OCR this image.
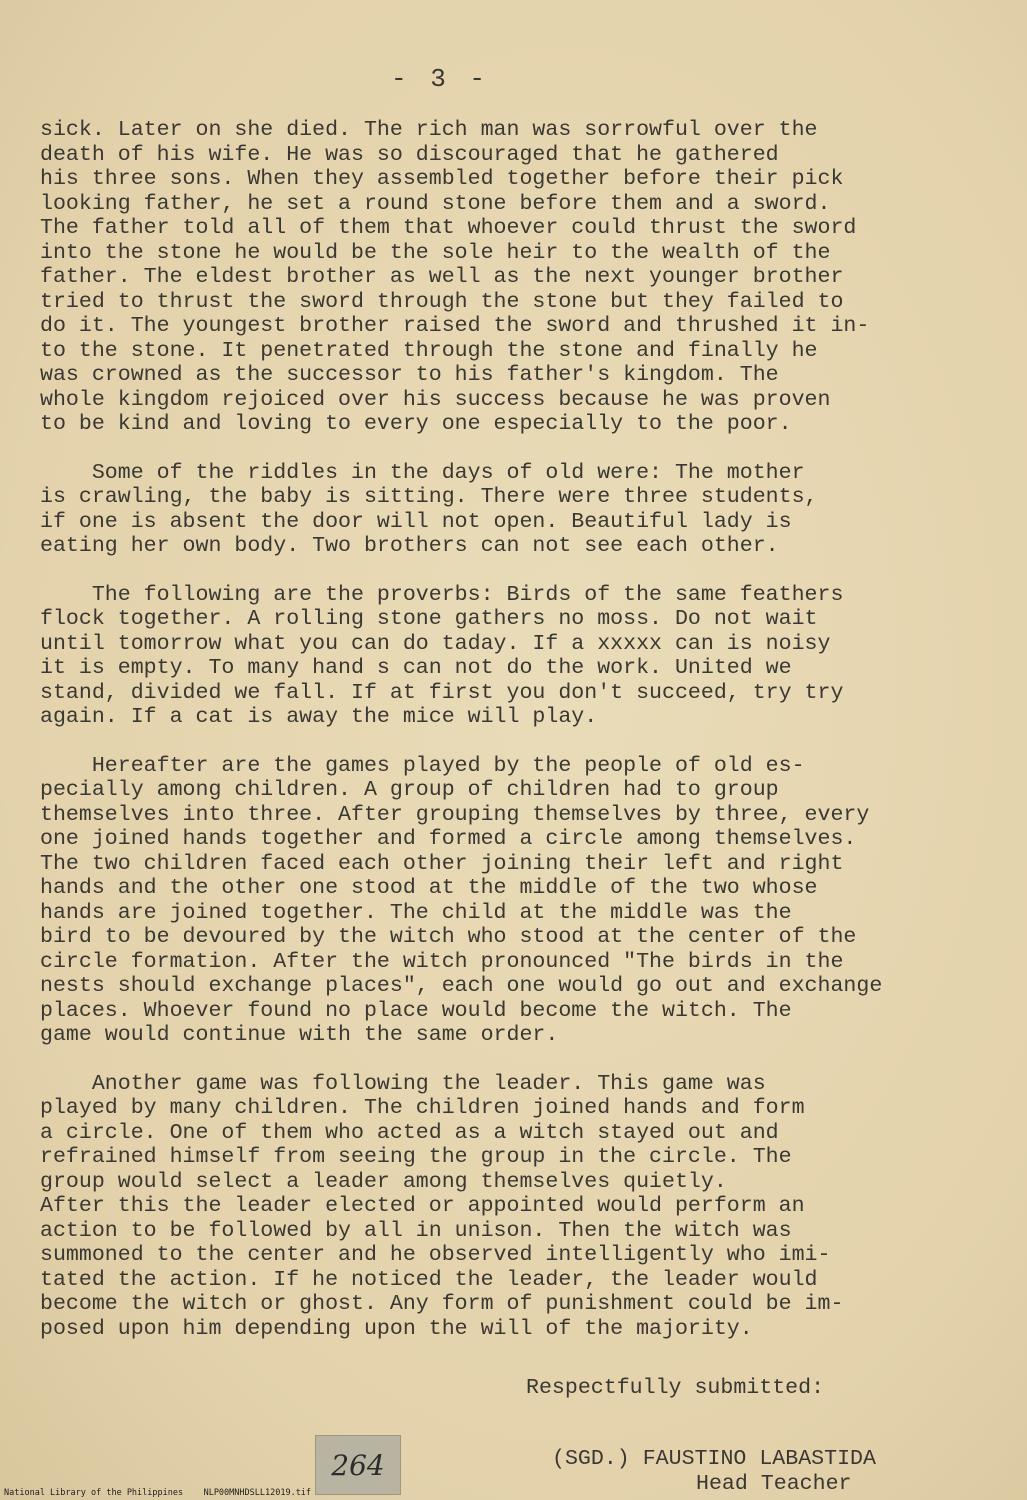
- 3 -
sick. Later on she died. The rich man was sorrowful over the
death of his wife. He was so discouraged that he gathered
his three sons. When they assembled together before their pick
looking father, he set a round stone before them and a sword.
The father told all of them that whoever could thrust the sword
into the stone he would be the sole heir to the wealth of the
father. The eldest brother as well as the next younger brother
tried to thrust the sword through the stone but they failed to
do it. The youngest brother raised the sword and thrushed it in-
to the stone. It penetrated through the stone and finally he
was crowned as the successor to his father's kingdom. The
whole kingdom rejoiced over his success because he was proven
to be kind and loving to every one especially to the poor.
Some of the riddles in the days of old were: The mother
is crawling, the baby is sitting. There were three students,
if one is absent the door will not open. Beautiful lady is
eating her own body. Two brothers can not see each other.
The following are the proverbs: Birds of the same feathers
flock together. A rolling stone gathers no moss. Do not wait
until tomorrow what you can do taday. If a xxxxx can is noisy
it is empty. To many hand s can not do the work. United we
stand, divided we fall. If at first you don't succeed, try try
again. If a cat is away the mice will play.
Hereafter are the games played by the people of old es-
pecially among children. A group of children had to group
themselves into three. After grouping themselves by three, every
one joined hands together and formed a circle among themselves.
The two children faced each other joining their left and right
hands and the other one stood at the middle of the two whose
hands are joined together. The child at the middle was the
bird to be devoured by the witch who stood at the center of the
circle formation. After the witch pronounced "The birds in the
nests should exchange places", each one would go out and exchange
places. Whoever found no place would become the witch. The
game would continue with the same order.
Another game was following the leader. This game was
played by many children. The children joined hands and form
a circle. One of them who acted as a witch stayed out and
refrained himself from seeing the group in the circle. The
group would select a leader among themselves quietly.
After this the leader elected or appointed would perform an
action to be followed by all in unison. Then the witch was
summoned to the center and he observed intelligently who imi-
tated the action. If he noticed the leader, the leader would
become the witch or ghost. Any form of punishment could be im-
posed upon him depending upon the will of the majority.
Respectfully submitted:
264	(SGD.) FAUSTINO LABASTIDA
Head Teacher
National Library of the Philippines    NLP00MNHDSLL12019.tif
